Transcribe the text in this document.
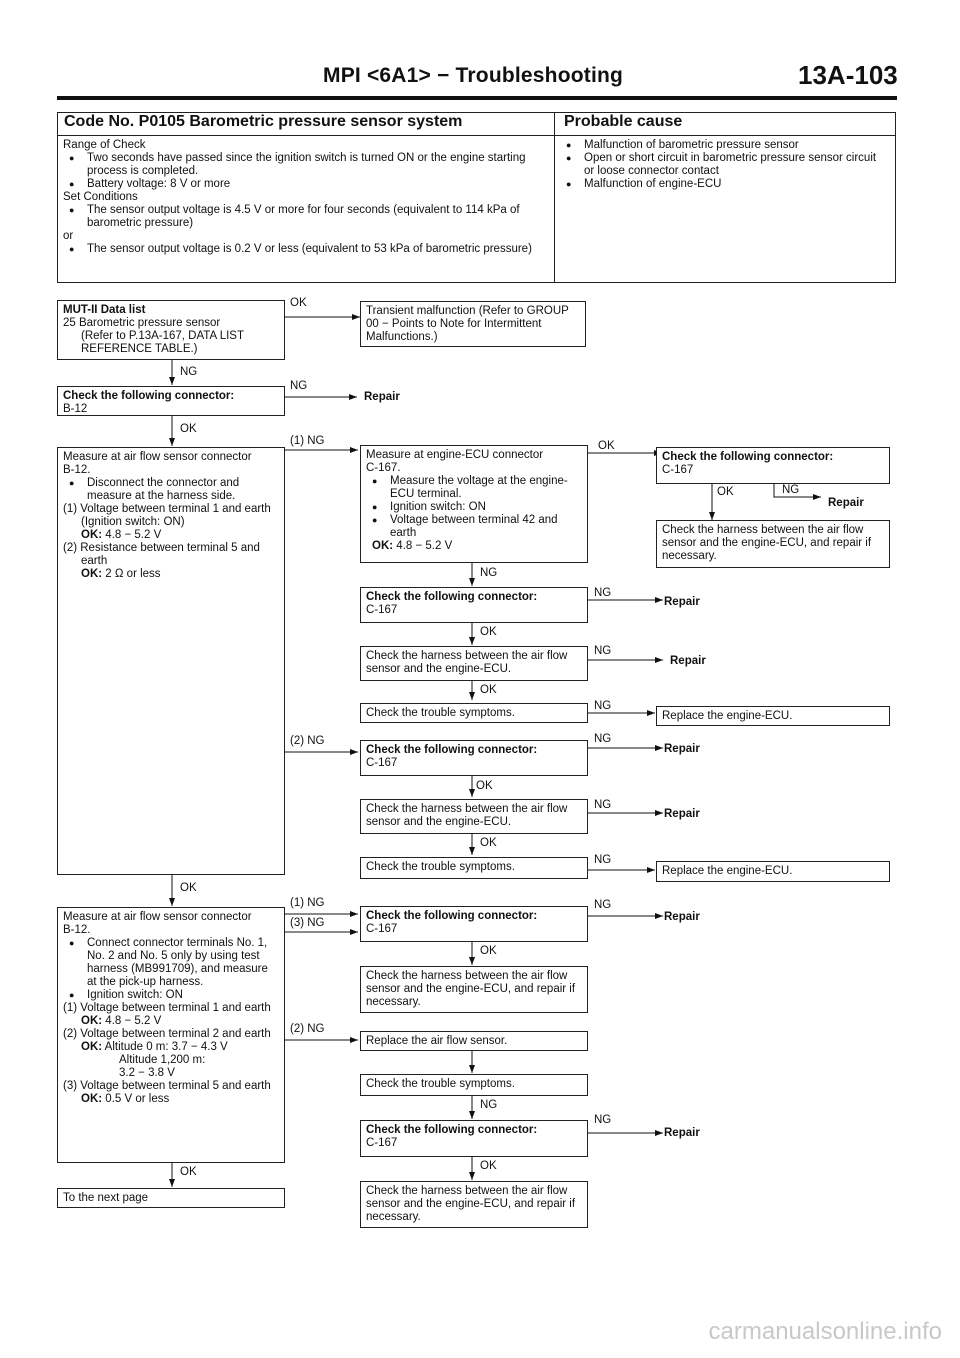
MPI <6A1> − Troubleshooting	13A-103
Code No. P0105 Barometric pressure sensor system	Probable cause
Range of Check
● Two seconds have passed since the ignition switch is turned ON or the engine starting process is completed.
● Battery voltage: 8 V or more
Set Conditions
● The sensor output voltage is 4.5 V or more for four seconds (equivalent to 114 kPa of barometric pressure)
or
● The sensor output voltage is 0.2 V or less (equivalent to 53 kPa of barometric pressure)
● Malfunction of barometric pressure sensor
● Open or short circuit in barometric pressure sensor circuit or loose connector contact
● Malfunction of engine-ECU
MUT-II Data list
25 Barometric pressure sensor
(Refer to P.13A-167, DATA LIST REFERENCE TABLE.)
OK
Transient malfunction (Refer to GROUP 00 − Points to Note for Intermittent Malfunctions.)
NG
Check the following connector:
B-12
NG
Repair
OK
Measure at air flow sensor connector
B-12.
● Disconnect the connector and measure at the harness side.
(1) Voltage between terminal 1 and earth (Ignition switch: ON)
OK: 4.8 − 5.2 V
(2) Resistance between terminal 5 and earth
OK: 2 Ω or less
(1) NG
Measure at engine-ECU connector
C-167.
● Measure the voltage at the engine-ECU terminal.
● Ignition switch: ON
● Voltage between terminal 42 and earth
OK: 4.8 − 5.2 V
OK
Check the following connector:
C-167
OK	NG
Repair
Check the harness between the air flow sensor and the engine-ECU, and repair if necessary.
NG
Check the following connector:
C-167
NG
Repair
OK
Check the harness between the air flow sensor and the engine-ECU.
NG
Repair
OK
Check the trouble symptoms.
NG
Replace the engine-ECU.
(2) NG
Check the following connector:
C-167
NG
Repair
OK
Check the harness between the air flow sensor and the engine-ECU.
NG
Repair
OK
Check the trouble symptoms.
NG
Replace the engine-ECU.
OK
Measure at air flow sensor connector
B-12.
● Connect connector terminals No. 1, No. 2 and No. 5 only by using test harness (MB991709), and measure at the pick-up harness.
● Ignition switch: ON
(1) Voltage between terminal 1 and earth
OK: 4.8 − 5.2 V
(2) Voltage between terminal 2 and earth
OK: Altitude 0 m: 3.7 − 4.3 V
Altitude 1,200 m:
3.2 − 3.8 V
(3) Voltage between terminal 5 and earth
OK: 0.5 V or less
(1) NG
(3) NG
Check the following connector:
C-167
NG
Repair
OK
Check the harness between the air flow sensor and the engine-ECU, and repair if necessary.
(2) NG
Replace the air flow sensor.
Check the trouble symptoms.
NG
Check the following connector:
C-167
NG
Repair
OK
Check the harness between the air flow sensor and the engine-ECU, and repair if necessary.
OK
To the next page
carmanualsonline.info
